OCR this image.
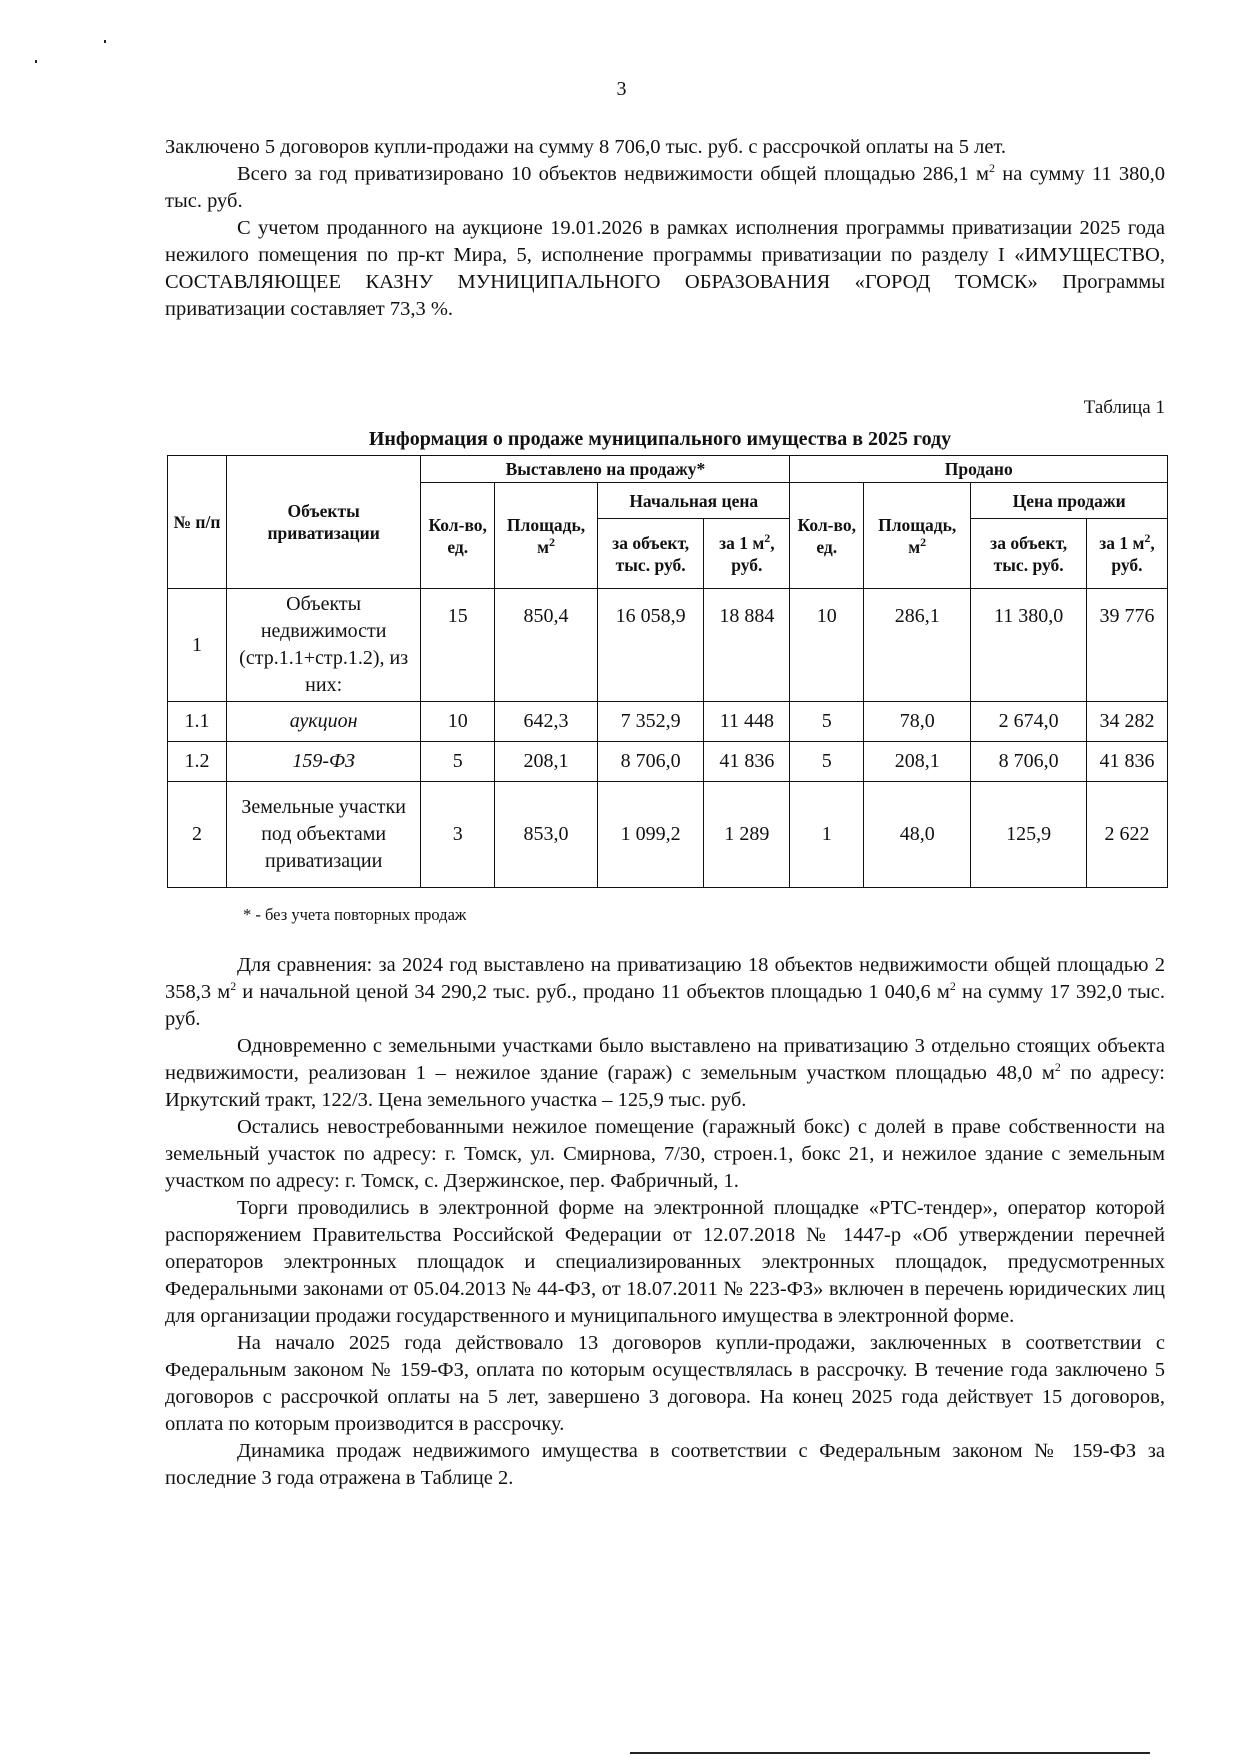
3

Заключено 5 договоров купли-продажи на сумму 8 706,0 тыс. руб. с рассрочкой оплаты на 5 лет.

Всего за год приватизировано 10 объектов недвижимости общей площадью 286,1 $м^2$ на сумму 11 380,0 тыс. руб.

С учетом проданного на аукционе 19.01.2026 в рамках исполнения программы приватизации 2025 года нежилого помещения по пр-кт Мира, 5, исполнение программы приватизации по разделу I «ИМУЩЕСТВО, СОСТАВЛЯЮЩЕЕ КАЗНУ МУНИЦИПАЛЬНОГО ОБРАЗОВАНИЯ «ГОРОД ТОМСК» Программы приватизации составляет 73,3 %.

Таблица 1
Информация о продаже муниципального имущества в 2025 году
№ п/п	Объекты приватизации	Выставлено на продажу*				Продано			
		Кол-во, ед.	Площадь, $м^2$	Начальная цена		Кол-во, ед.	Площадь, $м^2$	Цена продажи	
				за объект, тыс. руб.	за 1 $м^2$, руб.			за объект, тыс. руб.	за 1 $м^2$, руб.
1	Объекты недвижимости (стр.1.1+стр.1.2), из них:	15	850,4	16 058,9	18 884	10	286,1	11 380,0	39 776
1.1	аукцион	10	642,3	7 352,9	11 448	5	78,0	2 674,0	34 282
1.2	159-ФЗ	5	208,1	8 706,0	41 836	5	208,1	8 706,0	41 836
2	Земельные участки под объектами приватизации	3	853,0	1 099,2	1 289	1	48,0	125,9	2 622
* - без учета повторных продаж

Для сравнения: за 2024 год выставлено на приватизацию 18 объектов недвижимости общей площадью 2 358,3 $м^2$ и начальной ценой 34 290,2 тыс. руб., продано 11 объектов площадью 1 040,6 $м^2$ на сумму 17 392,0 тыс. руб.

Одновременно с земельными участками было выставлено на приватизацию 3 отдельно стоящих объекта недвижимости, реализован 1 – нежилое здание (гараж) с земельным участком площадью 48,0 $м^2$ по адресу: Иркутский тракт, 122/3. Цена земельного участка – 125,9 тыс. руб.

Остались невостребованными нежилое помещение (гаражный бокс) с долей в праве собственности на земельный участок по адресу: г. Томск, ул. Смирнова, 7/30, строен.1, бокс 21, и нежилое здание с земельным участком по адресу: г. Томск, с. Дзержинское, пер. Фабричный, 1.

Торги проводились в электронной форме на электронной площадке «РТС-тендер», оператор которой распоряжением Правительства Российской Федерации от 12.07.2018 № 1447-р «Об утверждении перечней операторов электронных площадок и специализированных электронных площадок, предусмотренных Федеральными законами от 05.04.2013 № 44-ФЗ, от 18.07.2011 № 223-ФЗ» включен в перечень юридических лиц для организации продажи государственного и муниципального имущества в электронной форме.

На начало 2025 года действовало 13 договоров купли-продажи, заключенных в соответствии с Федеральным законом № 159-ФЗ, оплата по которым осуществлялась в рассрочку. В течение года заключено 5 договоров с рассрочкой оплаты на 5 лет, завершено 3 договора. На конец 2025 года действует 15 договоров, оплата по которым производится в рассрочку.

Динамика продаж недвижимого имущества в соответствии с Федеральным законом № 159-ФЗ за последние 3 года отражена в Таблице 2.
